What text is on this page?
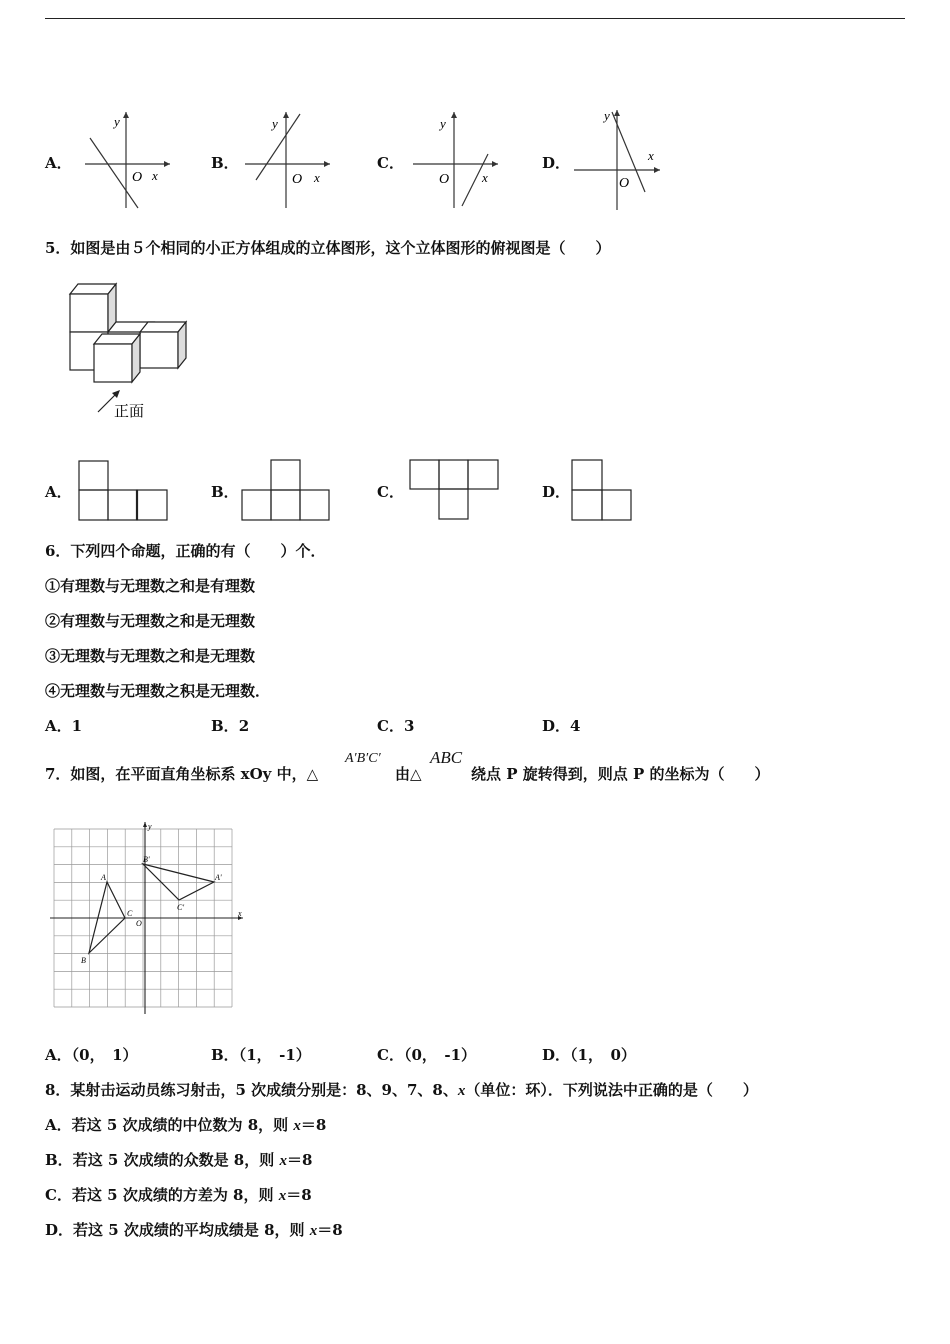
A．
y
x
O
B．
y
x
O
C．
y
x
O
D．
y
x
O
5．如图是由５个相同的小正方体组成的立体图形，这个立体图形的俯视图是（　　）
正面
A．	B．	C．	D．
6．下列四个命题，正确的有（　　）个．
①有理数与无理数之和是有理数
②有理数与无理数之和是无理数
③无理数与无理数之和是无理数
④无理数与无理数之积是无理数．
A．1	B．2	C．3	D．4
7．如图，在平面直角坐标系 xOy 中，△
A′B′C′
由△
ABC
绕点 P 旋转得到，则点 P 的坐标为（　　）
y
x
O
A
B
C
A'
B'
C'
A．（0，　1）	B．（1，　-1）	C．（0，　-1）	D．（1，　0）
8．某射击运动员练习射击，5 次成绩分别是：8、9、7、8、x（单位：环）．下列说法中正确的是（　　）
A．若这 5 次成绩的中位数为 8，则 x＝8
B．若这 5 次成绩的众数是 8，则 x＝8
C．若这 5 次成绩的方差为 8，则 x＝8
D．若这 5 次成绩的平均成绩是 8，则 x＝8
